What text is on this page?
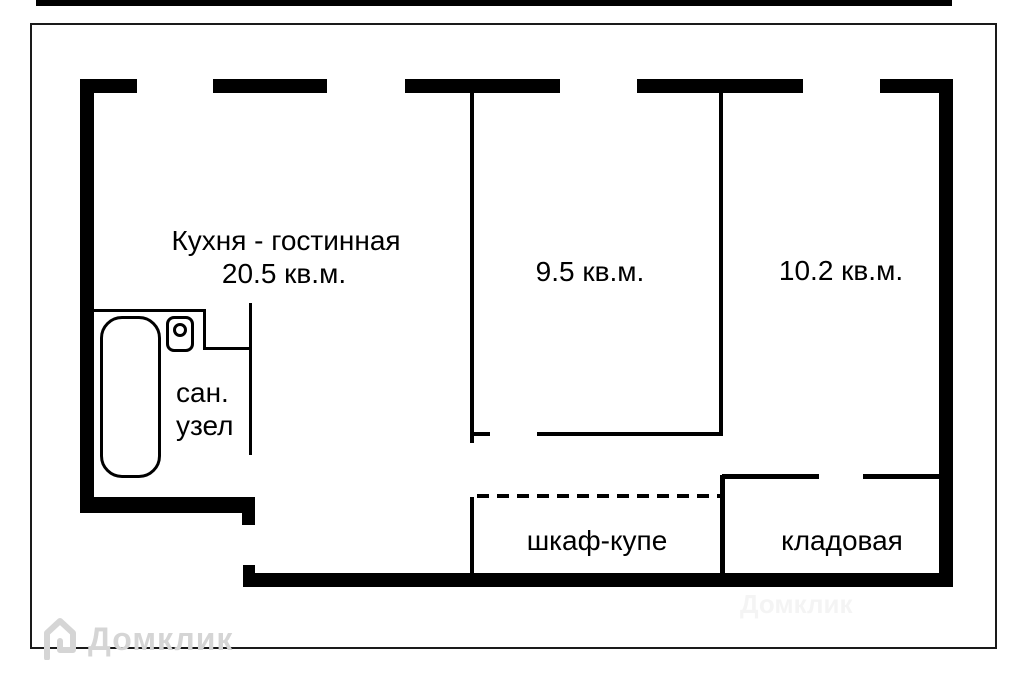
Кухня - гостинная
20.5 кв.м.	9.5 кв.м.	10.2 кв.м.
сан.
узел
шкаф-купе	кладовая
Домклик
Домклик
